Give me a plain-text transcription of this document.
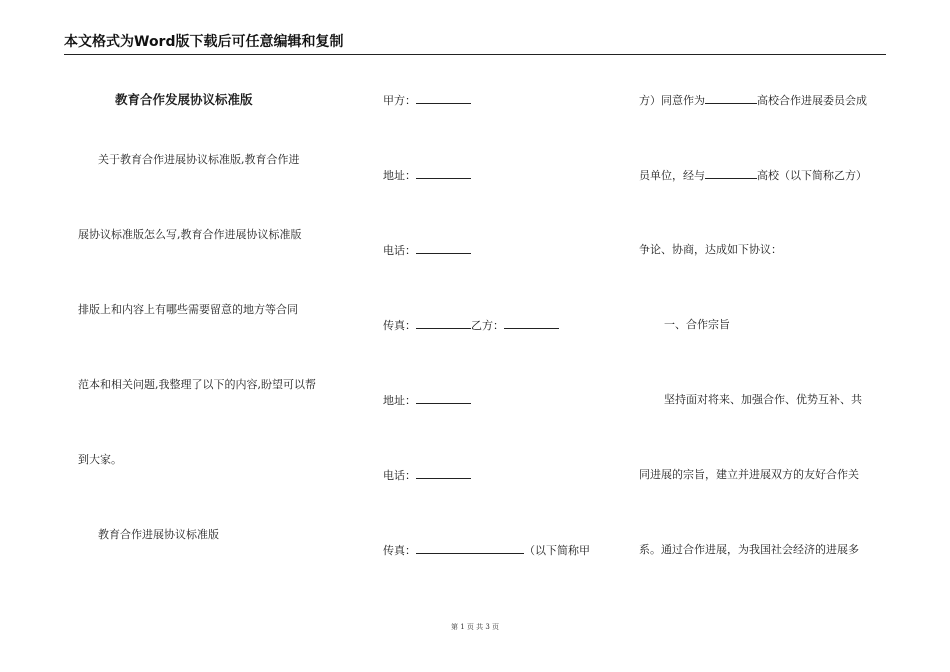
本文格式为Word版下载后可任意编辑和复制
教育合作发展协议标准版
关于教育合作进展协议标准版,教育合作进
展协议标准版怎么写,教育合作进展协议标准版
排版上和内容上有哪些需要留意的地方等合同
范本和相关问题,我整理了以下的内容,盼望可以帮
到大家。
教育合作进展协议标准版
甲方：
地址：
电话：
传真：	乙方：
地址：
电话：
传真：	（以下简称甲
方）同意作为	高校合作进展委员会成
员单位，经与	高校（以下简称乙方）
争论、协商，达成如下协议：
一、合作宗旨
坚持面对将来、加强合作、优势互补、共
同进展的宗旨，建立并进展双方的友好合作关
系。通过合作进展，为我国社会经济的进展多
第 1 页 共 3 页
